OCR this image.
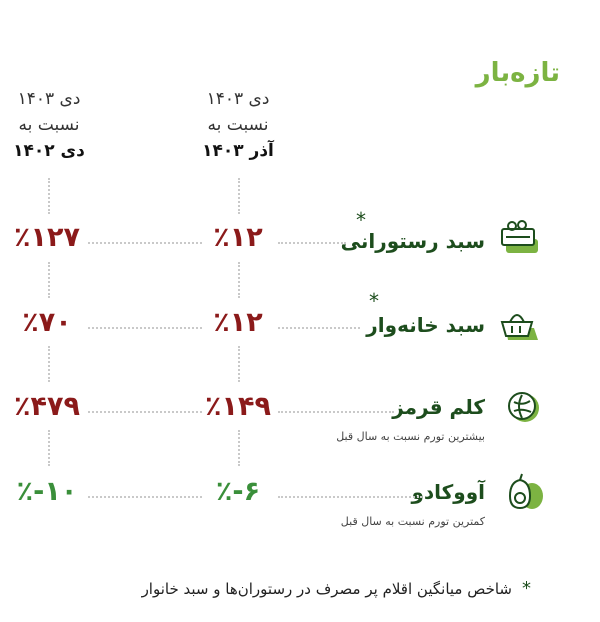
تازه‌بار
دی ۱۴۰۳
نسبت به
آذر ۱۴۰۳
دی ۱۴۰۳
نسبت به
دی ۱۴۰۲
*
سبد رستورانی
٪۱۲
٪۱۲۷
*
سبد خانه‌وار
٪۱۲
٪۷۰
کلم قرمز
بیشترین تورم نسبت به سال قبل
٪۱۴۹
٪۴۷۹
آووکادو
کمترین تورم نسبت به سال قبل
٪-۶
٪-۱۰
*
شاخص میانگین اقلام پر مصرف در رستوران‌ها و سبد خانوار
